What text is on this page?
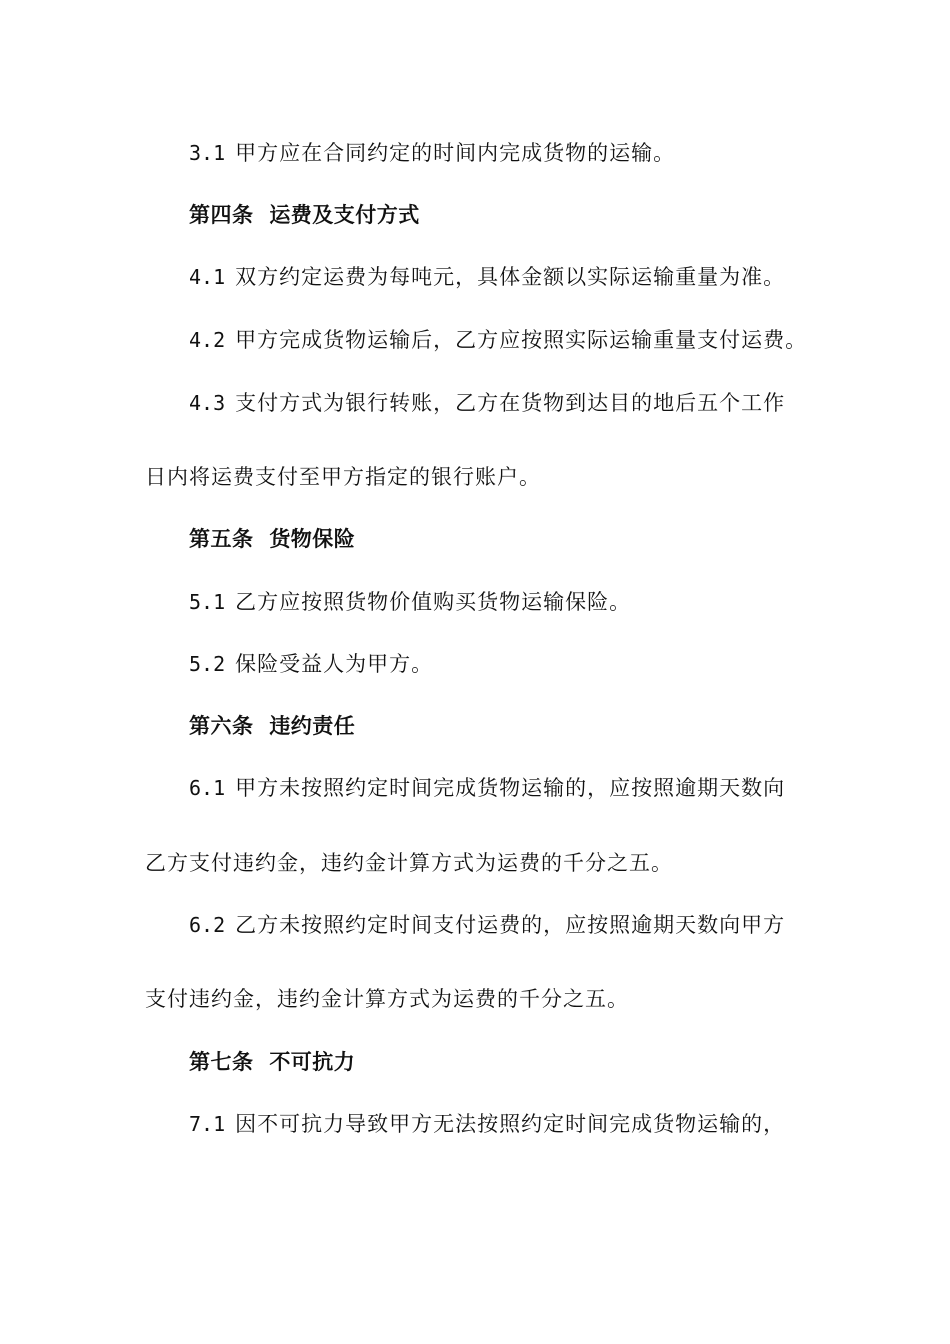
3.1 甲方应在合同约定的时间内完成货物的运输。
第四条 运费及支付方式
4.1 双方约定运费为每吨元，具体金额以实际运输重量为准。
4.2 甲方完成货物运输后，乙方应按照实际运输重量支付运费。
4.3 支付方式为银行转账，乙方在货物到达目的地后五个工作
日内将运费支付至甲方指定的银行账户。
第五条 货物保险
5.1 乙方应按照货物价值购买货物运输保险。
5.2 保险受益人为甲方。
第六条 违约责任
6.1 甲方未按照约定时间完成货物运输的，应按照逾期天数向
乙方支付违约金，违约金计算方式为运费的千分之五。
6.2 乙方未按照约定时间支付运费的，应按照逾期天数向甲方
支付违约金，违约金计算方式为运费的千分之五。
第七条 不可抗力
7.1 因不可抗力导致甲方无法按照约定时间完成货物运输的，
